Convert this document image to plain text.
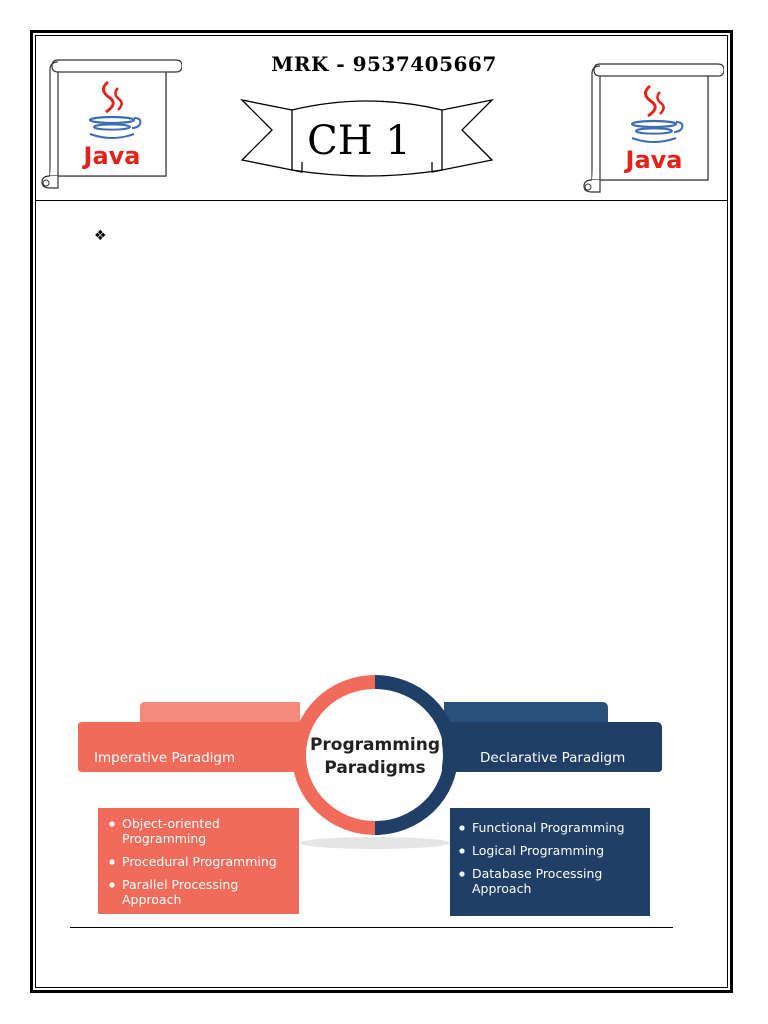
Java	Java
MRK - 9537405667
CH 1
❖
Programming
Paradigms
Imperative Paradigm	Declarative Paradigm
Object-oriented
Programming
Procedural Programming
Parallel Processing
Approach
Functional Programming
Logical Programming
Database Processing
Approach
